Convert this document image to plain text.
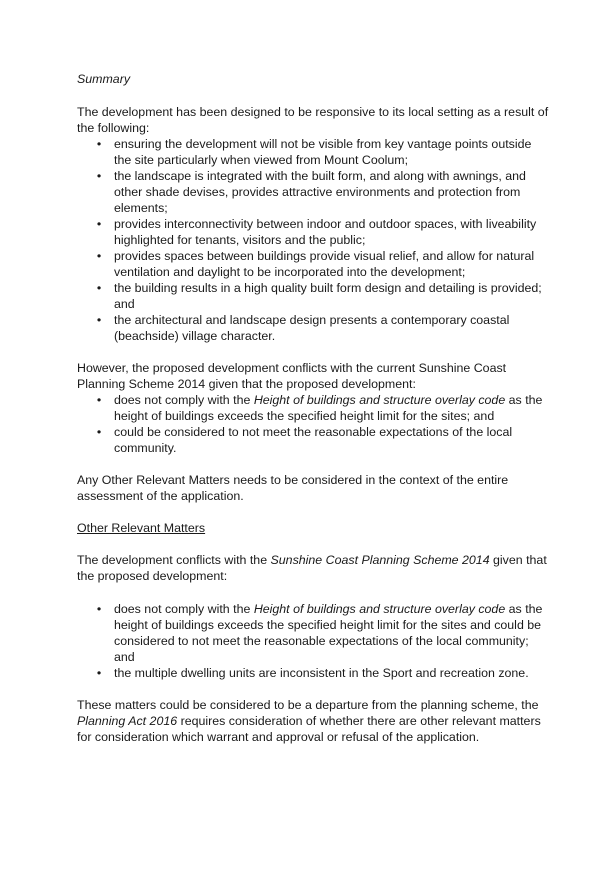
Summary

The development has been designed to be responsive to its local setting as a result of the following:

• ensuring the development will not be visible from key vantage points outside the site particularly when viewed from Mount Coolum;
• the landscape is integrated with the built form, and along with awnings, and other shade devises, provides attractive environments and protection from elements;
• provides interconnectivity between indoor and outdoor spaces, with liveability highlighted for tenants, visitors and the public;
• provides spaces between buildings provide visual relief, and allow for natural ventilation and daylight to be incorporated into the development;
• the building results in a high quality built form design and detailing is provided; and
• the architectural and landscape design presents a contemporary coastal (beachside) village character.

However, the proposed development conflicts with the current Sunshine Coast Planning Scheme 2014 given that the proposed development:

• does not comply with the Height of buildings and structure overlay code as the height of buildings exceeds the specified height limit for the sites; and
• could be considered to not meet the reasonable expectations of the local community.

Any Other Relevant Matters needs to be considered in the context of the entire assessment of the application.

Other Relevant Matters

The development conflicts with the Sunshine Coast Planning Scheme 2014 given that the proposed development:

• does not comply with the Height of buildings and structure overlay code as the height of buildings exceeds the specified height limit for the sites and could be considered to not meet the reasonable expectations of the local community; and
• the multiple dwelling units are inconsistent in the Sport and recreation zone.

These matters could be considered to be a departure from the planning scheme, the Planning Act 2016 requires consideration of whether there are other relevant matters for consideration which warrant and approval or refusal of the application.
